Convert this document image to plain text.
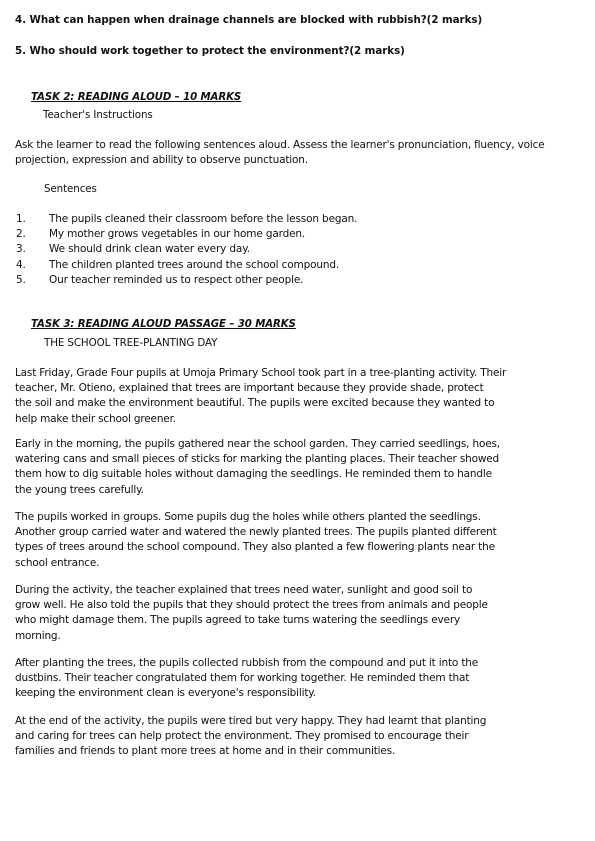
4. What can happen when drainage channels are blocked with rubbish?(2 marks)
5. Who should work together to protect the environment?(2 marks)
TASK 2: READING ALOUD – 10 MARKS
Teacher's Instructions

Ask the learner to read the following sentences aloud. Assess the learner's pronunciation, fluency, voice projection, expression and ability to observe punctuation.

Sentences
1.	The pupils cleaned their classroom before the lesson began.
2.	My mother grows vegetables in our home garden.
3.	We should drink clean water every day.
4.	The children planted trees around the school compound.
5.	Our teacher reminded us to respect other people.
TASK 3: READING ALOUD PASSAGE – 30 MARKS
THE SCHOOL TREE-PLANTING DAY
Last Friday, Grade Four pupils at Umoja Primary School took part in a tree-planting activity. Their
teacher, Mr. Otieno, explained that trees are important because they provide shade, protect
the soil and make the environment beautiful. The pupils were excited because they wanted to
help make their school greener.
Early in the morning, the pupils gathered near the school garden. They carried seedlings, hoes,
watering cans and small pieces of sticks for marking the planting places. Their teacher showed
them how to dig suitable holes without damaging the seedlings. He reminded them to handle
the young trees carefully.
The pupils worked in groups. Some pupils dug the holes while others planted the seedlings.
Another group carried water and watered the newly planted trees. The pupils planted different
types of trees around the school compound. They also planted a few flowering plants near the
school entrance.
During the activity, the teacher explained that trees need water, sunlight and good soil to
grow well. He also told the pupils that they should protect the trees from animals and people
who might damage them. The pupils agreed to take turns watering the seedlings every
morning.
After planting the trees, the pupils collected rubbish from the compound and put it into the
dustbins. Their teacher congratulated them for working together. He reminded them that
keeping the environment clean is everyone's responsibility.
At the end of the activity, the pupils were tired but very happy. They had learnt that planting
and caring for trees can help protect the environment. They promised to encourage their
families and friends to plant more trees at home and in their communities.
